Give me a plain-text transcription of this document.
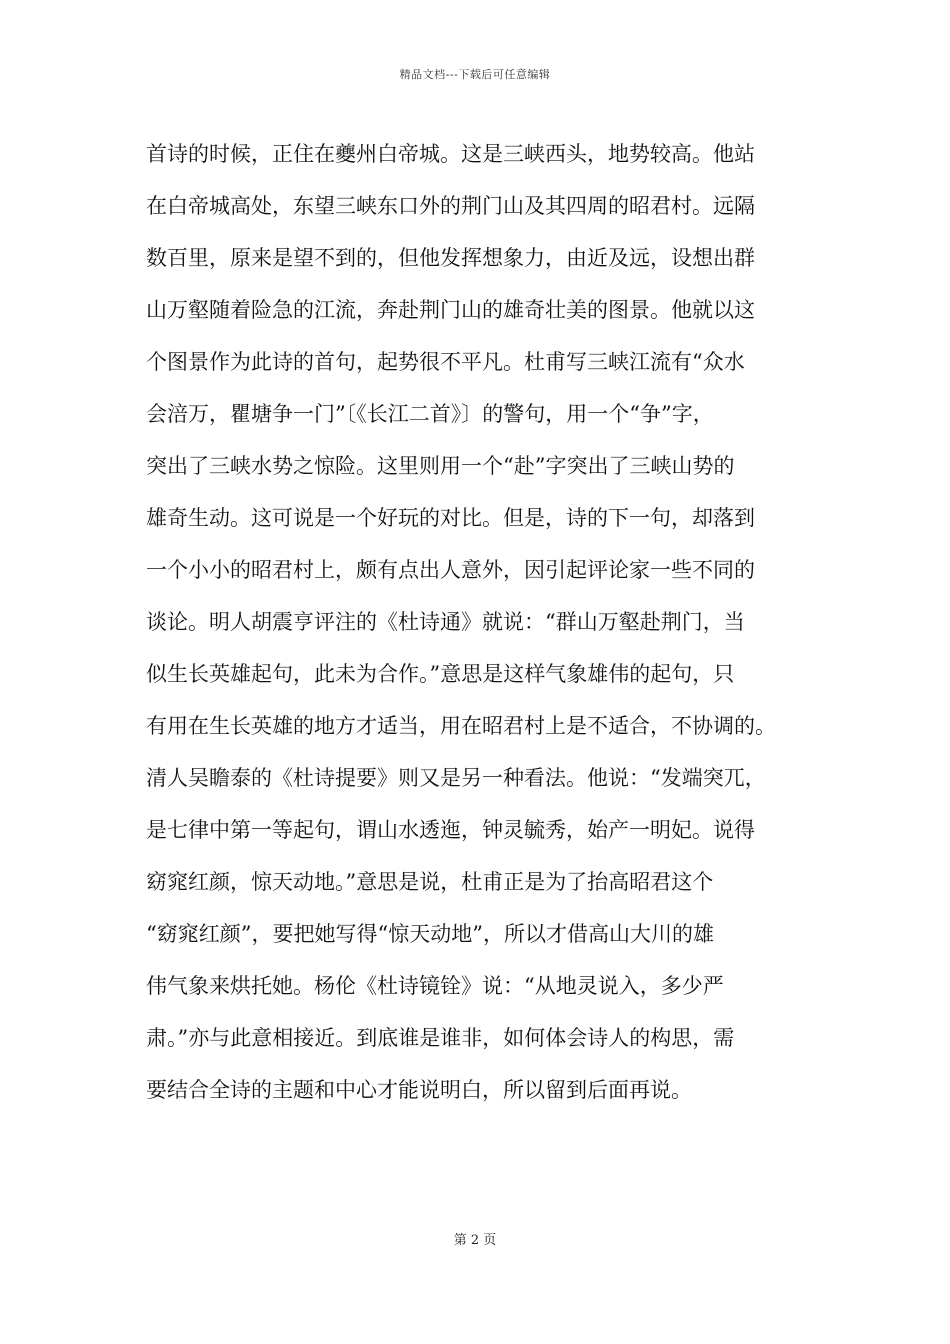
精品文档---下载后可任意编辑
首诗的时候，正住在夔州白帝城。这是三峡西头，地势较高。他站
在白帝城高处，东望三峡东口外的荆门山及其四周的昭君村。远隔
数百里，原来是望不到的，但他发挥想象力，由近及远，设想出群
山万壑随着险急的江流，奔赴荆门山的雄奇壮美的图景。他就以这
个图景作为此诗的首句，起势很不平凡。杜甫写三峡江流有“众水
会涪万，瞿塘争一门”〔《长江二首》〕的警句，用一个“争”字，
突出了三峡水势之惊险。这里则用一个“赴”字突出了三峡山势的
雄奇生动。这可说是一个好玩的对比。但是，诗的下一句，却落到
一个小小的昭君村上，颇有点出人意外，因引起评论家一些不同的
谈论。明人胡震亨评注的《杜诗通》就说：“群山万壑赴荆门，当
似生长英雄起句，此未为合作。”意思是这样气象雄伟的起句，只
有用在生长英雄的地方才适当，用在昭君村上是不适合，不协调的。
清人吴瞻泰的《杜诗提要》则又是另一种看法。他说：“发端突兀，
是七律中第一等起句，谓山水透迤，钟灵毓秀，始产一明妃。说得
窈窕红颜，惊天动地。”意思是说，杜甫正是为了抬高昭君这个
“窈窕红颜”，要把她写得“惊天动地”，所以才借高山大川的雄
伟气象来烘托她。杨伦《杜诗镜铨》说：“从地灵说入，多少严
肃。”亦与此意相接近。到底谁是谁非，如何体会诗人的构思，需
要结合全诗的主题和中心才能说明白，所以留到后面再说。
第 2 页
